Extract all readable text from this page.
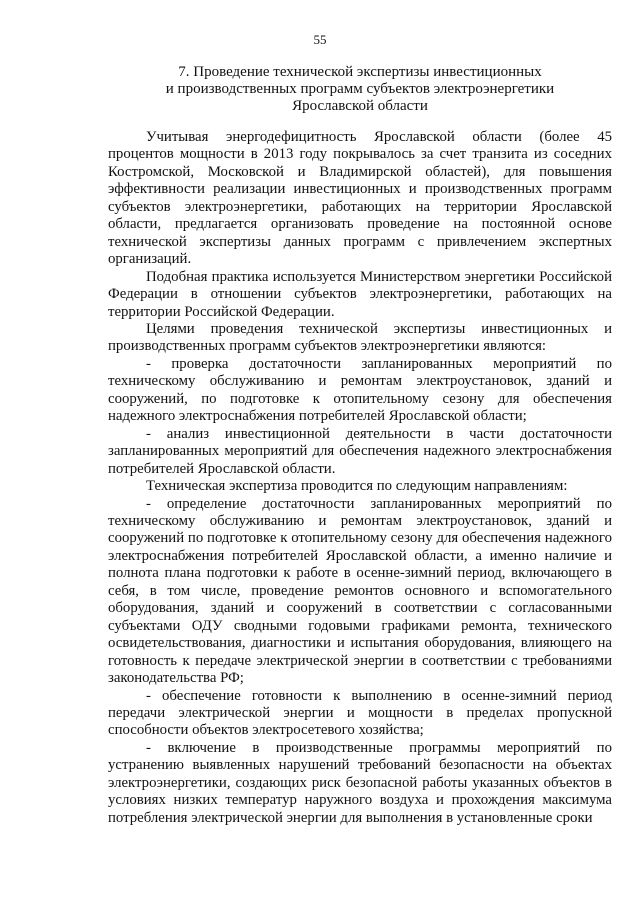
55
7. Проведение технической экспертизы инвестиционных
и производственных программ субъектов электроэнергетики
Ярославской области

Учитывая энергодефицитность Ярославской области (более 45 процентов мощности в 2013 году покрывалось за счет транзита из соседних Костромской, Московской и Владимирской областей), для повышения эффективности реализации инвестиционных и производственных программ субъектов электроэнергетики, работающих на территории Ярославской области, предлагается организовать проведение на постоянной основе технической экспертизы данных программ с привлечением экспертных организаций.

Подобная практика используется Министерством энергетики Российской Федерации в отношении субъектов электроэнергетики, работающих на территории Российской Федерации.

Целями проведения технической экспертизы инвестиционных и производственных программ субъектов электроэнергетики являются:

- проверка достаточности запланированных мероприятий по техническому обслуживанию и ремонтам электроустановок, зданий и сооружений, по подготовке к отопительному сезону для обеспечения надежного электроснабжения потребителей Ярославской области;

- анализ инвестиционной деятельности в части достаточности запланированных мероприятий для обеспечения надежного электроснабжения потребителей Ярославской области.

Техническая экспертиза проводится по следующим направлениям:

- определение достаточности запланированных мероприятий по техническому обслуживанию и ремонтам электроустановок, зданий и сооружений по подготовке к отопительному сезону для обеспечения надежного электроснабжения потребителей Ярославской области, а именно наличие и полнота плана подготовки к работе в осенне-зимний период, включающего в себя, в том числе, проведение ремонтов основного и вспомогательного оборудования, зданий и сооружений в соответствии с согласованными субъектами ОДУ сводными годовыми графиками ремонта, технического освидетельствования, диагностики и испытания оборудования, влияющего на готовность к передаче электрической энергии в соответствии с требованиями законодательства РФ;

- обеспечение готовности к выполнению в осенне-зимний период передачи электрической энергии и мощности в пределах пропускной способности объектов электросетевого хозяйства;

- включение в производственные программы мероприятий по устранению выявленных нарушений требований безопасности на объектах электроэнергетики, создающих риск безопасной работы указанных объектов в условиях низких температур наружного воздуха и прохождения максимума потребления электрической энергии для выполнения в установленные сроки
